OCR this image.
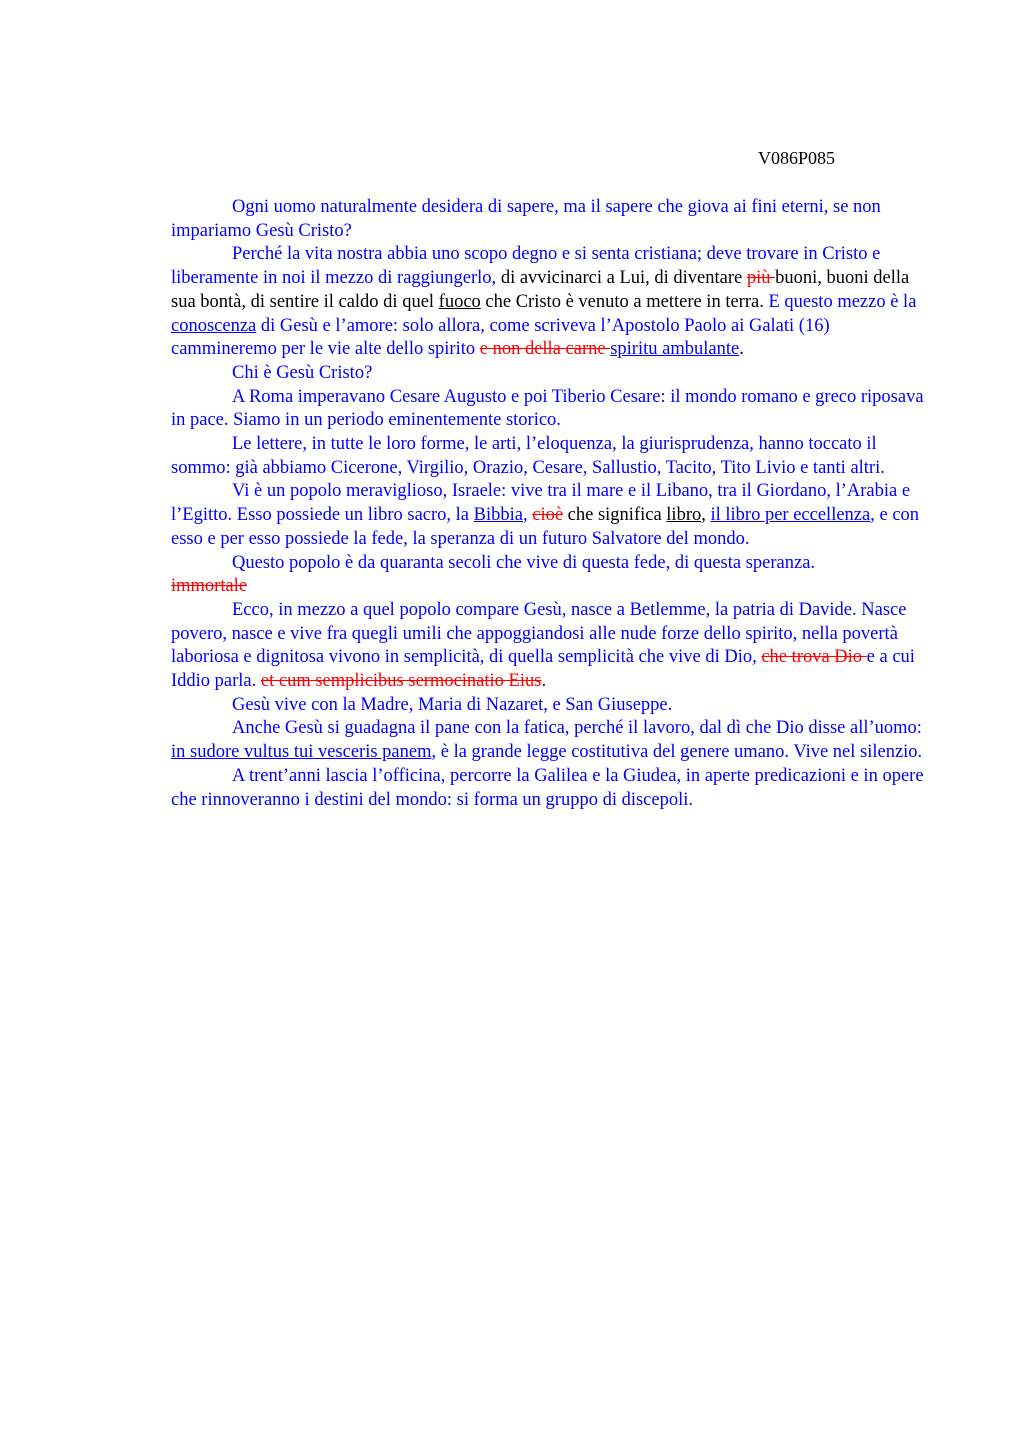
V086P085

Ogni uomo naturalmente desidera di sapere, ma il sapere che giova ai fini eterni, se non impariamo Gesù Cristo?

Perché la vita nostra abbia uno scopo degno e si senta cristiana; deve trovare in Cristo e liberamente in noi il mezzo di raggiungerlo, di avvicinarci a Lui, di diventare più buoni, buoni della sua bontà, di sentire il caldo di quel fuoco che Cristo è venuto a mettere in terra. E questo mezzo è la conoscenza di Gesù e l’amore: solo allora, come scriveva l’Apostolo Paolo ai Galati (16) cammineremo per le vie alte dello spirito e non della carne spiritu ambulante.

Chi è Gesù Cristo?

A Roma imperavano Cesare Augusto e poi Tiberio Cesare: il mondo romano e greco riposava in pace. Siamo in un periodo eminentemente storico.

Le lettere, in tutte le loro forme, le arti, l’eloquenza, la giurisprudenza, hanno toccato il sommo: già abbiamo Cicerone, Virgilio, Orazio, Cesare, Sallustio, Tacito, Tito Livio e tanti altri.

Vi è un popolo meraviglioso, Israele: vive tra il mare e il Libano, tra il Giordano, l’Arabia e l’Egitto. Esso possiede un libro sacro, la Bibbia, cioè che significa libro, il libro per eccellenza, e con esso e per esso possiede la fede, la speranza di un futuro Salvatore del mondo.

Questo popolo è da quaranta secoli che vive di questa fede, di questa speranza.

immortale

Ecco, in mezzo a quel popolo compare Gesù, nasce a Betlemme, la patria di Davide. Nasce povero, nasce e vive fra quegli umili che appoggiandosi alle nude forze dello spirito, nella povertà laboriosa e dignitosa vivono in semplicità, di quella semplicità che vive di Dio, che trova Dio e a cui Iddio parla. et cum semplicibus sermocinatio Eius.

Gesù vive con la Madre, Maria di Nazaret, e San Giuseppe.

Anche Gesù si guadagna il pane con la fatica, perché il lavoro, dal dì che Dio disse all’uomo: in sudore vultus tui vesceris panem, è la grande legge costitutiva del genere umano. Vive nel silenzio.

A trent’anni lascia l’officina, percorre la Galilea e la Giudea, in aperte predicazioni e in opere che rinnoveranno i destini del mondo: si forma un gruppo di discepoli.
